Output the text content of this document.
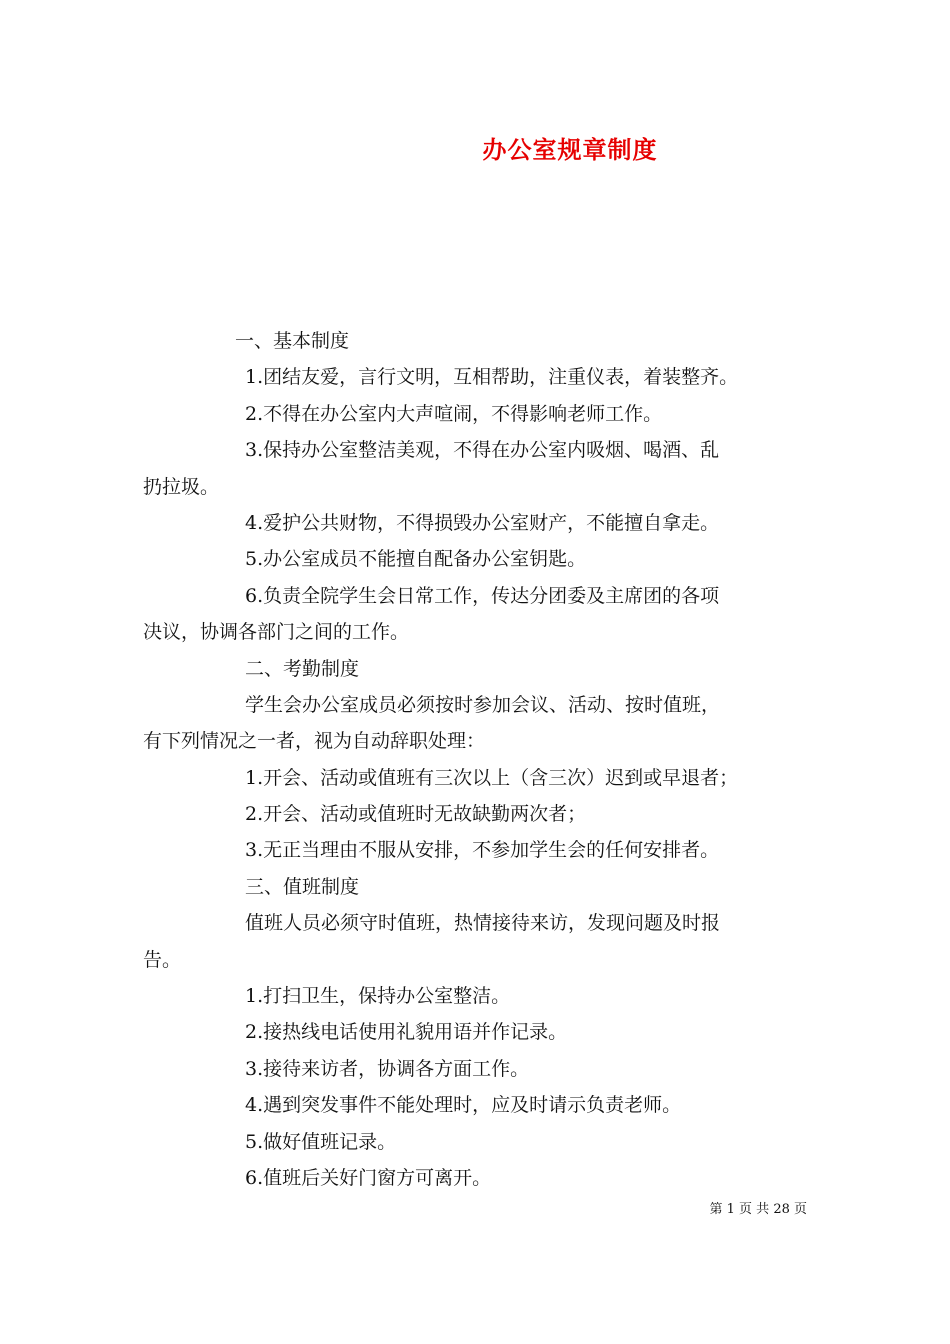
办公室规章制度
一、基本制度
1.团结友爱，言行文明，互相帮助，注重仪表，着装整齐。
2.不得在办公室内大声喧闹，不得影响老师工作。
3.保持办公室整洁美观，不得在办公室内吸烟、喝酒、乱
扔拉圾。
4.爱护公共财物，不得损毁办公室财产，不能擅自拿走。
5.办公室成员不能擅自配备办公室钥匙。
6.负责全院学生会日常工作，传达分团委及主席团的各项
决议，协调各部门之间的工作。
二、考勤制度
学生会办公室成员必须按时参加会议、活动、按时值班，
有下列情况之一者，视为自动辞职处理：
1.开会、活动或值班有三次以上（含三次）迟到或早退者；
2.开会、活动或值班时无故缺勤两次者；
3.无正当理由不服从安排，不参加学生会的任何安排者。
三、值班制度
值班人员必须守时值班，热情接待来访，发现问题及时报
告。
1.打扫卫生，保持办公室整洁。
2.接热线电话使用礼貌用语并作记录。
3.接待来访者，协调各方面工作。
4.遇到突发事件不能处理时，应及时请示负责老师。
5.做好值班记录。
6.值班后关好门窗方可离开。
第 1 页 共 28 页
